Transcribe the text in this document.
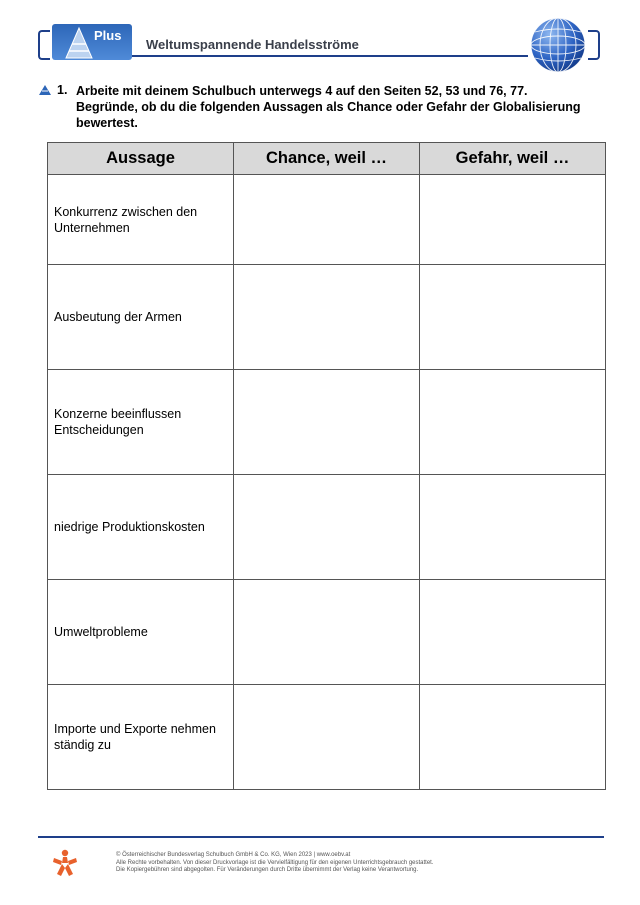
Plus
Weltumspannende Handelsströme
1. Arbeite mit deinem Schulbuch unterwegs 4 auf den Seiten 52, 53 und 76, 77.
Begründe, ob du die folgenden Aussagen als Chance oder Gefahr der Globalisierung
bewertest.
Aussage	Chance, weil …	Gefahr, weil …

Konkurrenz zwischen den
Unternehmen		

Ausbeutung der Armen		

Konzerne beeinflussen
Entscheidungen		

niedrige Produktionskosten		

Umweltprobleme		

Importe und Exporte nehmen
ständig zu		

© Österreichischer Bundesverlag Schulbuch GmbH & Co. KG, Wien 2023 | www.oebv.at
Alle Rechte vorbehalten. Von dieser Druckvorlage ist die Vervielfältigung für den eigenen Unterrichtsgebrauch gestattet.
Die Kopiergebühren sind abgegolten. Für Veränderungen durch Dritte übernimmt der Verlag keine Verantwortung.
